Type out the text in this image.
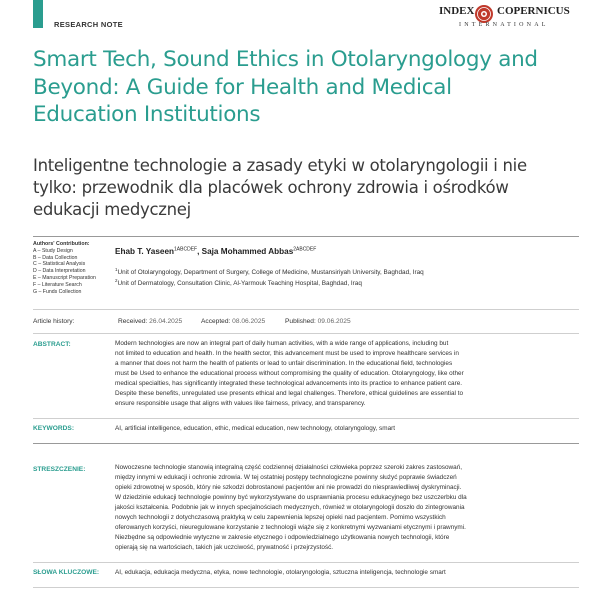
RESEARCH NOTE
INDEX COPERNICUS
INTERNATIONAL
Smart Tech, Sound Ethics in Otolaryngology and Beyond: A Guide for Health and Medical Education Institutions
Inteligentne technologie a zasady etyki w otolaryngologii i nie tylko: przewodnik dla placówek ochrony zdrowia i ośrodków edukacji medycznej
Authors' Contribution:
A – Study Design
B – Data Collection
C – Statistical Analysis
D – Data Interpretation
E – Manuscript Preparation
F – Literature Search
G – Funds Collection
Ehab T. Yaseen$^{1ABCDEF}$, Saja Mohammed Abbas$^{2ABCDEF}$
$^1$Unit of Otolaryngology, Department of Surgery, College of Medicine, Mustansiriyah University, Baghdad, Iraq
$^2$Unit of Dermatology, Consultation Clinic, Al-Yarmouk Teaching Hospital, Baghdad, Iraq
Article history:	Received: 26.04.2025	Accepted: 08.06.2025	Published: 09.06.2025
ABSTRACT:	Modern technologies are now an integral part of daily human activities, with a wide range of applications, including but
not limited to education and health. In the health sector, this advancement must be used to improve healthcare services in
a manner that does not harm the health of patients or lead to unfair discrimination. In the educational field, technologies
must be Used to enhance the educational process without compromising the quality of education. Otolaryngology, like other
medical specialties, has significantly integrated these technological advancements into its practice to enhance patient care.
Despite these benefits, unregulated use presents ethical and legal challenges. Therefore, ethical guidelines are essential to
ensure responsible usage that aligns with values like fairness, privacy, and transparency.
KEYWORDS:	AI, artificial intelligence, education, ethic, medical education, new technology, otolaryngology, smart
STRESZCZENIE:	Nowoczesne technologie stanowią integralną część codziennej działalności człowieka poprzez szeroki zakres zastosowań,
między innymi w edukacji i ochronie zdrowia. W tej ostatniej postępy technologiczne powinny służyć poprawie świadczeń
opieki zdrowotnej w sposób, który nie szkodzi dobrostanowi pacjentów ani nie prowadzi do niesprawiedliwej dyskryminacji.
W dziedzinie edukacji technologie powinny być wykorzystywane do usprawniania procesu edukacyjnego bez uszczerbku dla
jakości kształcenia. Podobnie jak w innych specjalnościach medycznych, również w otolaryngologii doszło do zintegrowania
nowych technologii z dotychczasową praktyką w celu zapewnienia lepszej opieki nad pacjentem. Pomimo wszystkich
oferowanych korzyści, nieuregulowane korzystanie z technologii wiąże się z konkretnymi wyzwaniami etycznymi i prawnymi.
Niezbędne są odpowiednie wytyczne w zakresie etycznego i odpowiedzialnego użytkowania nowych technologii, które
opierają się na wartościach, takich jak uczciwość, prywatność i przejrzystość.
SŁOWA KLUCZOWE: AI, edukacja, edukacja medyczna, etyka, nowe technologie, otolaryngologia, sztuczna inteligencja, technologie smart
